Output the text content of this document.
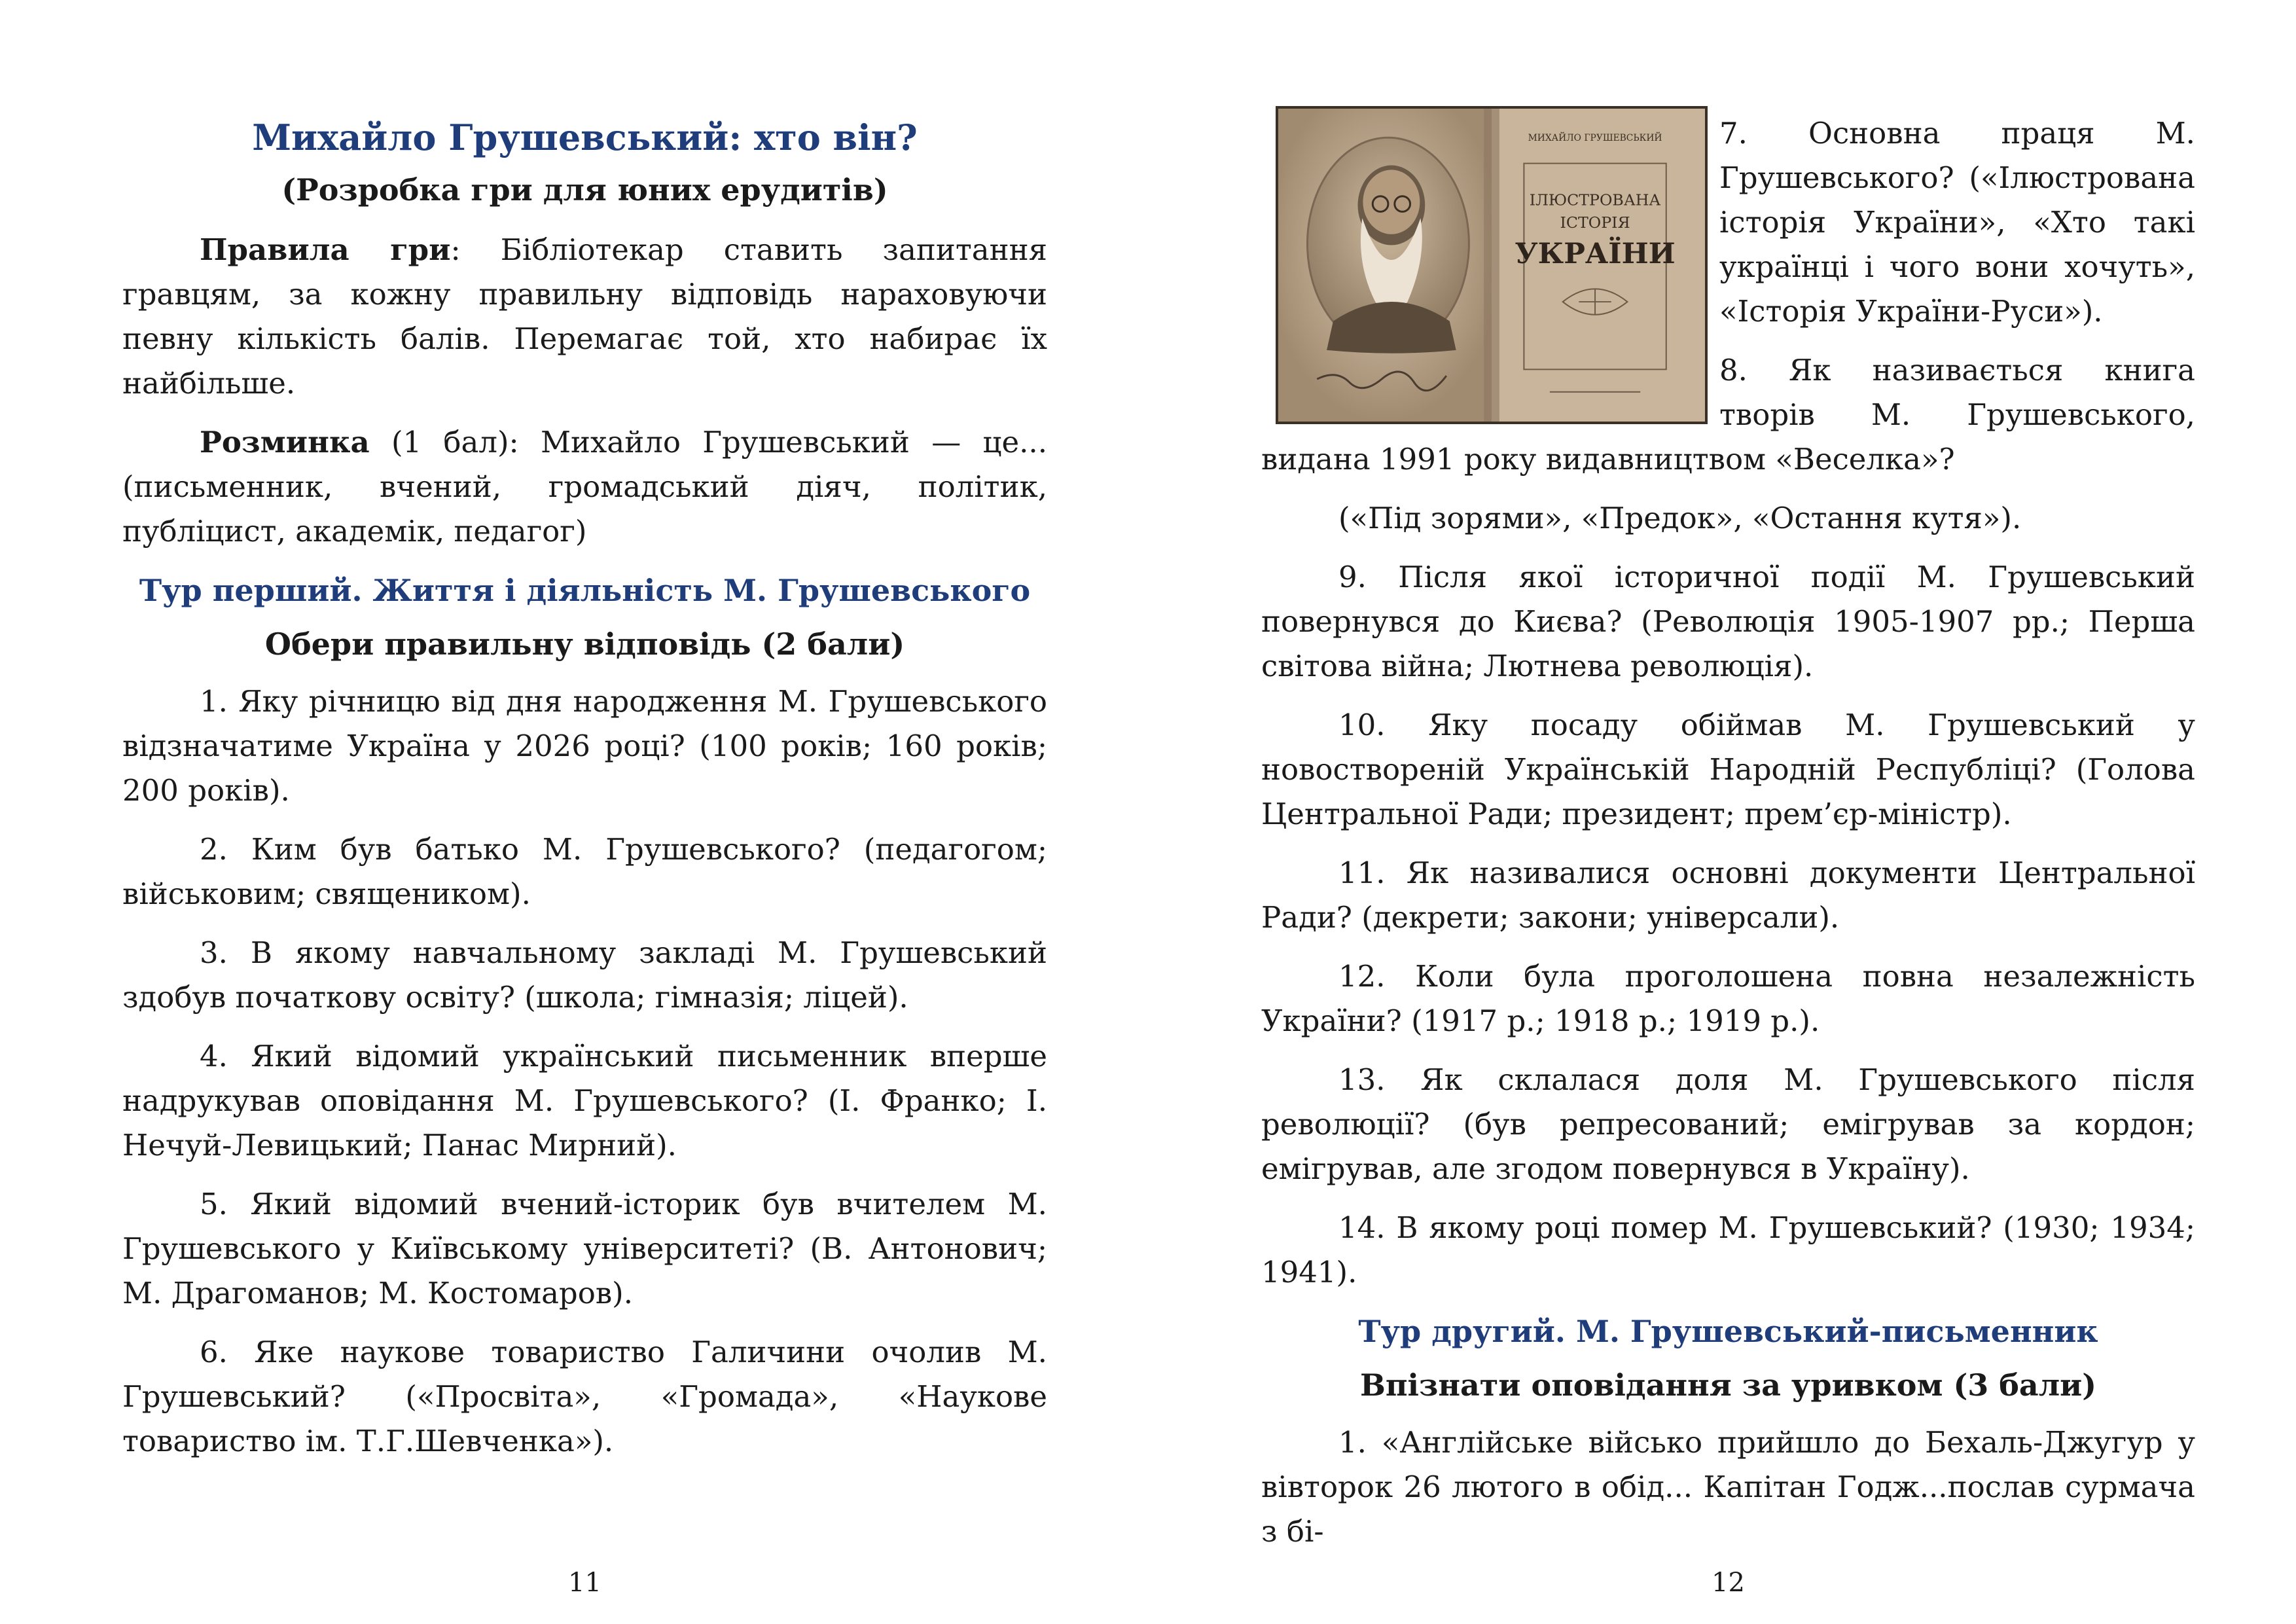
Михайло Грушевський: хто він?
(Розробка гри для юних ерудитів)

Правила гри: Бібліотекар ставить запитання гравцям, за кожну правильну відповідь нараховуючи певну кількість балів. Перемагає той, хто набирає їх найбільше.

Розминка (1 бал): Михайло Грушевський — це... (письменник, вчений, громадський діяч, політик, публіцист, академік, педагог)

Тур перший. Життя і діяльність М. Грушевського
Обери правильну відповідь (2 бали)

1. Яку річницю від дня народження М. Грушевського відзначатиме Україна у 2026 році? (100 років; 160 років; 200 років).

2. Ким був батько М. Грушевського? (педагогом; військовим; священиком).

3. В якому навчальному закладі М. Грушевський здобув початкову освіту? (школа; гімназія; ліцей).

4. Який відомий український письменник вперше надрукував оповідання М. Грушевського? (І. Франко; І. Нечуй-Левицький; Панас Мирний).

5. Який відомий вчений-історик був вчителем М. Грушевського у Київському університеті? (В. Антонович; М. Драгоманов; М. Костомаров).

6. Яке наукове товариство Галичини очолив М. Грушевський? («Просвіта», «Громада», «Наукове товариство ім. Т.Г.Шевченка»).

11
МИХАЙЛО ГРУШЕВСЬКИЙ
ІЛЮСТРОВАНА
ІСТОРІЯ
УКРАЇНИ

7. Основна праця М. Грушевського? («Ілюстрована історія України», «Хто такі українці і чого вони хочуть», «Історія України-Руси»).

8. Як називається книга творів М. Грушевського, видана 1991 року видавництвом «Веселка»?

(«Під зорями», «Предок», «Остання кутя»).

9. Після якої історичної події М. Грушевський повернувся до Києва? (Революція 1905-1907 рр.; Перша світова війна; Лютнева революція).

10. Яку посаду обіймав М. Грушевський у новоствореній Українській Народній Республіці? (Голова Центральної Ради; президент; прем’єр-міністр).

11. Як називалися основні документи Центральної Ради? (декрети; закони; універсали).

12. Коли була проголошена повна незалежність України? (1917 р.; 1918 р.; 1919 р.).

13. Як склалася доля М. Грушевського після революції? (був репресований; емігрував за кордон; емігрував, але згодом повернувся в Україну).

14. В якому році помер М. Грушевський? (1930; 1934; 1941).

Тур другий. М. Грушевський-письменник
Впізнати оповідання за уривком (3 бали)

1. «Англійське військо прийшло до Бехаль-Джугур у вівторок 26 лютого в обід... Капітан Годж...послав сурмача з бі-

12
